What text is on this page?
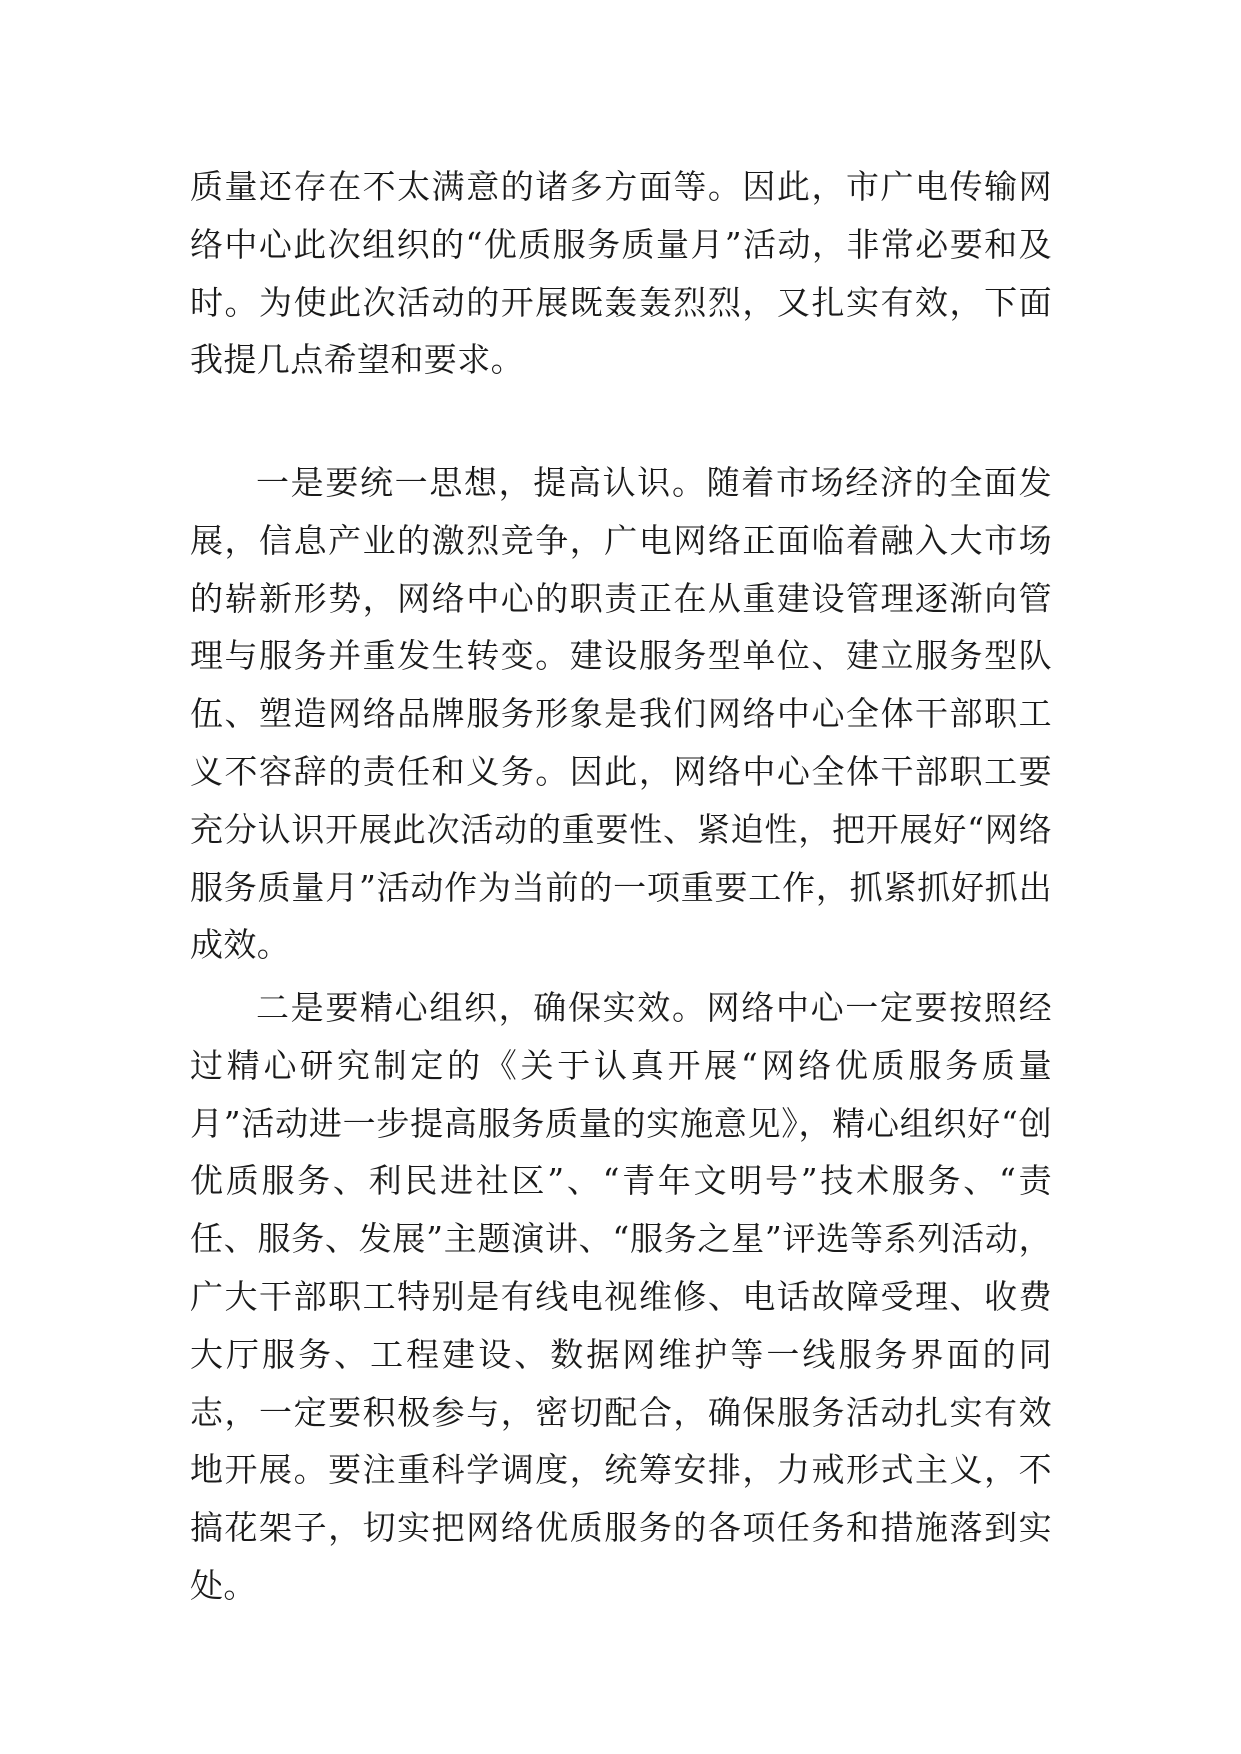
质量还存在不太满意的诸多方面等。因此，市广电传输网络中心此次组织的“优质服务质量月”活动，非常必要和及时。为使此次活动的开展既轰轰烈烈，又扎实有效，下面我提几点希望和要求。

一是要统一思想，提高认识。随着市场经济的全面发展，信息产业的激烈竞争，广电网络正面临着融入大市场的崭新形势，网络中心的职责正在从重建设管理逐渐向管理与服务并重发生转变。建设服务型单位、建立服务型队伍、塑造网络品牌服务形象是我们网络中心全体干部职工义不容辞的责任和义务。因此，网络中心全体干部职工要充分认识开展此次活动的重要性、紧迫性，把开展好“网络服务质量月”活动作为当前的一项重要工作，抓紧抓好抓出成效。

二是要精心组织，确保实效。网络中心一定要按照经过精心研究制定的《关于认真开展“网络优质服务质量月”活动进一步提高服务质量的实施意见》，精心组织好“创优质服务、利民进社区”、“青年文明号”技术服务、“责任、服务、发展”主题演讲、“服务之星”评选等系列活动，广大干部职工特别是有线电视维修、电话故障受理、收费大厅服务、工程建设、数据网维护等一线服务界面的同志，一定要积极参与，密切配合，确保服务活动扎实有效地开展。要注重科学调度，统筹安排，力戒形式主义，不搞花架子，切实把网络优质服务的各项任务和措施落到实处。
